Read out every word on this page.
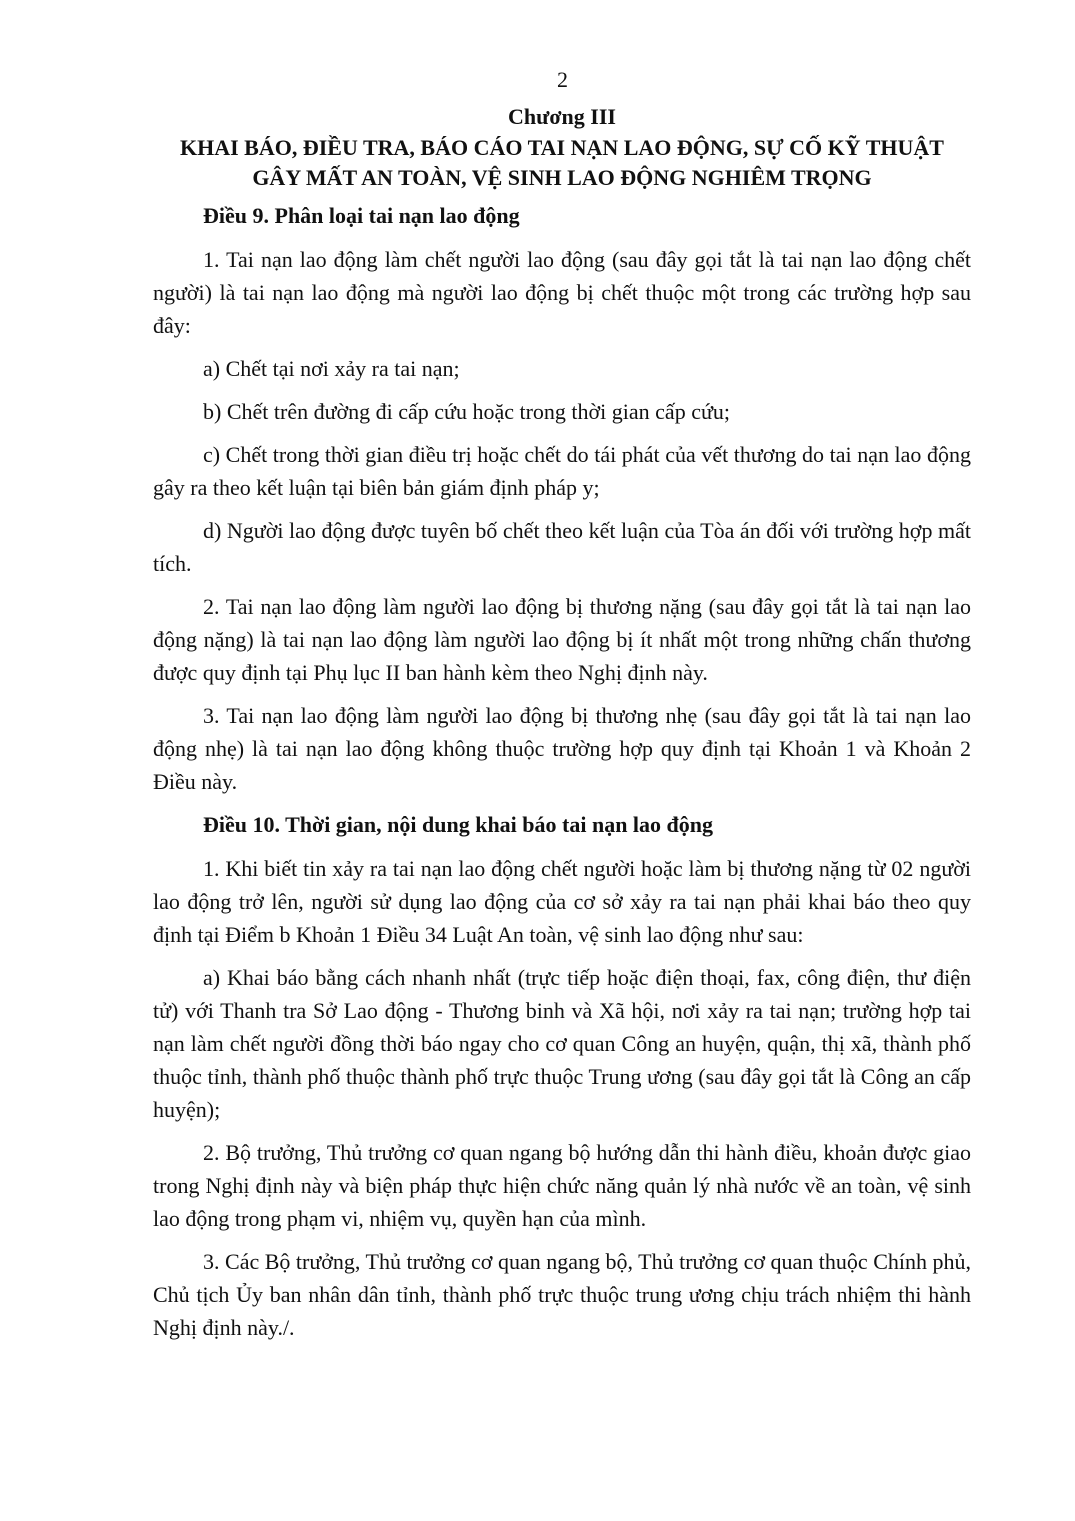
2
Chương III
KHAI BÁO, ĐIỀU TRA, BÁO CÁO TAI NẠN LAO ĐỘNG, SỰ CỐ KỸ THUẬT
GÂY MẤT AN TOÀN, VỆ SINH LAO ĐỘNG NGHIÊM TRỌNG
Điều 9. Phân loại tai nạn lao động

1. Tai nạn lao động làm chết người lao động (sau đây gọi tắt là tai nạn lao động chết người) là tai nạn lao động mà người lao động bị chết thuộc một trong các trường hợp sau đây:

a) Chết tại nơi xảy ra tai nạn;

b) Chết trên đường đi cấp cứu hoặc trong thời gian cấp cứu;

c) Chết trong thời gian điều trị hoặc chết do tái phát của vết thương do tai nạn lao động gây ra theo kết luận tại biên bản giám định pháp y;

d) Người lao động được tuyên bố chết theo kết luận của Tòa án đối với trường hợp mất tích.

2. Tai nạn lao động làm người lao động bị thương nặng (sau đây gọi tắt là tai nạn lao động nặng) là tai nạn lao động làm người lao động bị ít nhất một trong những chấn thương được quy định tại Phụ lục II ban hành kèm theo Nghị định này.

3. Tai nạn lao động làm người lao động bị thương nhẹ (sau đây gọi tắt là tai nạn lao động nhẹ) là tai nạn lao động không thuộc trường hợp quy định tại Khoản 1 và Khoản 2 Điều này.

Điều 10. Thời gian, nội dung khai báo tai nạn lao động

1. Khi biết tin xảy ra tai nạn lao động chết người hoặc làm bị thương nặng từ 02 người lao động trở lên, người sử dụng lao động của cơ sở xảy ra tai nạn phải khai báo theo quy định tại Điểm b Khoản 1 Điều 34 Luật An toàn, vệ sinh lao động như sau:

a) Khai báo bằng cách nhanh nhất (trực tiếp hoặc điện thoại, fax, công điện, thư điện tử) với Thanh tra Sở Lao động - Thương binh và Xã hội, nơi xảy ra tai nạn; trường hợp tai nạn làm chết người đồng thời báo ngay cho cơ quan Công an huyện, quận, thị xã, thành phố thuộc tỉnh, thành phố thuộc thành phố trực thuộc Trung ương (sau đây gọi tắt là Công an cấp huyện);

2. Bộ trưởng, Thủ trưởng cơ quan ngang bộ hướng dẫn thi hành điều, khoản được giao trong Nghị định này và biện pháp thực hiện chức năng quản lý nhà nước về an toàn, vệ sinh lao động trong phạm vi, nhiệm vụ, quyền hạn của mình.

3. Các Bộ trưởng, Thủ trưởng cơ quan ngang bộ, Thủ trưởng cơ quan thuộc Chính phủ, Chủ tịch Ủy ban nhân dân tỉnh, thành phố trực thuộc trung ương chịu trách nhiệm thi hành Nghị định này./.
